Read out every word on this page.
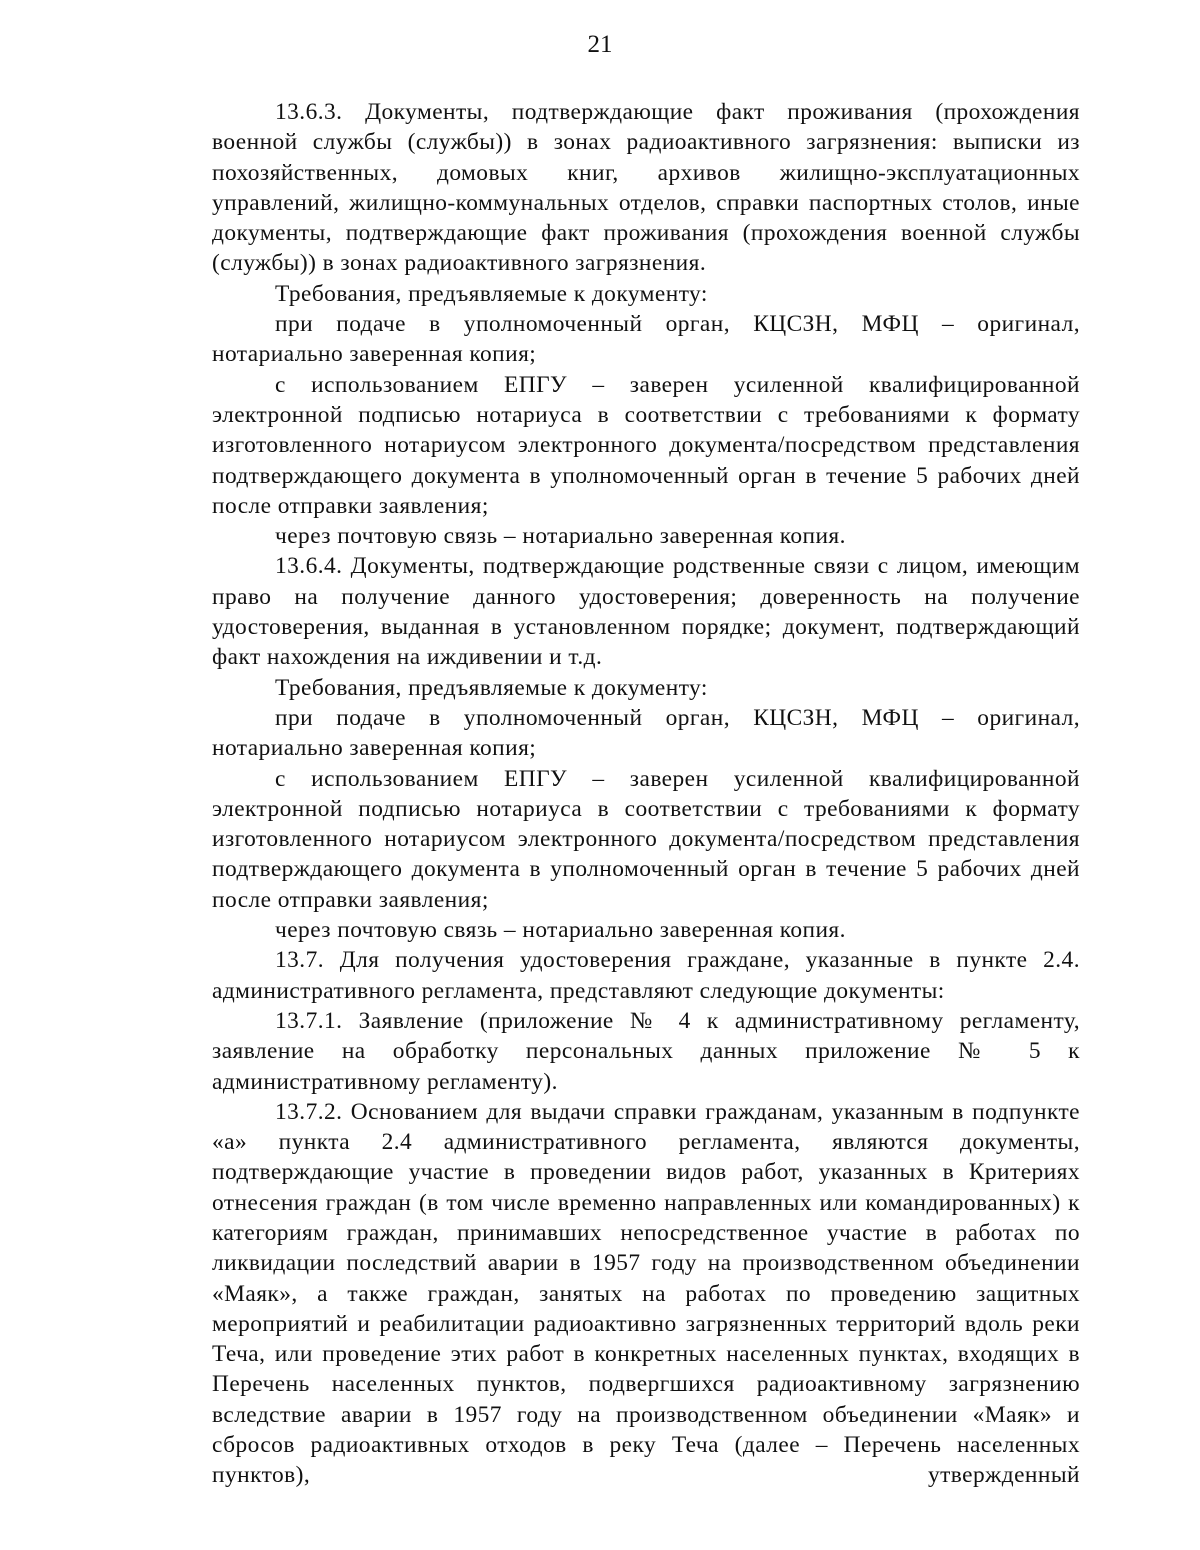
21

13.6.3. Документы, подтверждающие факт проживания (прохождения военной службы (службы)) в зонах радиоактивного загрязнения: выписки из похозяйственных, домовых книг, архивов жилищно-эксплуатационных управлений, жилищно-коммунальных отделов, справки паспортных столов, иные документы, подтверждающие факт проживания (прохождения военной службы (службы)) в зонах радиоактивного загрязнения.

Требования, предъявляемые к документу:

при подаче в уполномоченный орган, КЦСЗН, МФЦ – оригинал, нотариально заверенная копия;

с использованием ЕПГУ – заверен усиленной квалифицированной электронной подписью нотариуса в соответствии с требованиями к формату изготовленного нотариусом электронного документа/посредством представления подтверждающего документа в уполномоченный орган в течение 5 рабочих дней после отправки заявления;

через почтовую связь – нотариально заверенная копия.

13.6.4. Документы, подтверждающие родственные связи с лицом, имеющим право на получение данного удостоверения; доверенность на получение удостоверения, выданная в установленном порядке; документ, подтверждающий факт нахождения на иждивении и т.д.

Требования, предъявляемые к документу:

при подаче в уполномоченный орган, КЦСЗН, МФЦ – оригинал, нотариально заверенная копия;

с использованием ЕПГУ – заверен усиленной квалифицированной электронной подписью нотариуса в соответствии с требованиями к формату изготовленного нотариусом электронного документа/посредством представления подтверждающего документа в уполномоченный орган в течение 5 рабочих дней после отправки заявления;

через почтовую связь – нотариально заверенная копия.

13.7. Для получения удостоверения граждане, указанные в пункте 2.4. административного регламента, представляют следующие документы:

13.7.1. Заявление (приложение № 4 к административному регламенту, заявление на обработку персональных данных приложение № 5 к административному регламенту).

13.7.2. Основанием для выдачи справки гражданам, указанным в подпункте «а» пункта 2.4 административного регламента, являются документы, подтверждающие участие в проведении видов работ, указанных в Критериях отнесения граждан (в том числе временно направленных или командированных) к категориям граждан, принимавших непосредственное участие в работах по ликвидации последствий аварии в 1957 году на производственном объединении «Маяк», а также граждан, занятых на работах по проведению защитных мероприятий и реабилитации радиоактивно загрязненных территорий вдоль реки Теча, или проведение этих работ в конкретных населенных пунктах, входящих в Перечень населенных пунктов, подвергшихся радиоактивному загрязнению вследствие аварии в 1957 году на производственном объединении «Маяк» и сбросов радиоактивных отходов в реку Теча (далее – Перечень населенных пунктов), утвержденный
